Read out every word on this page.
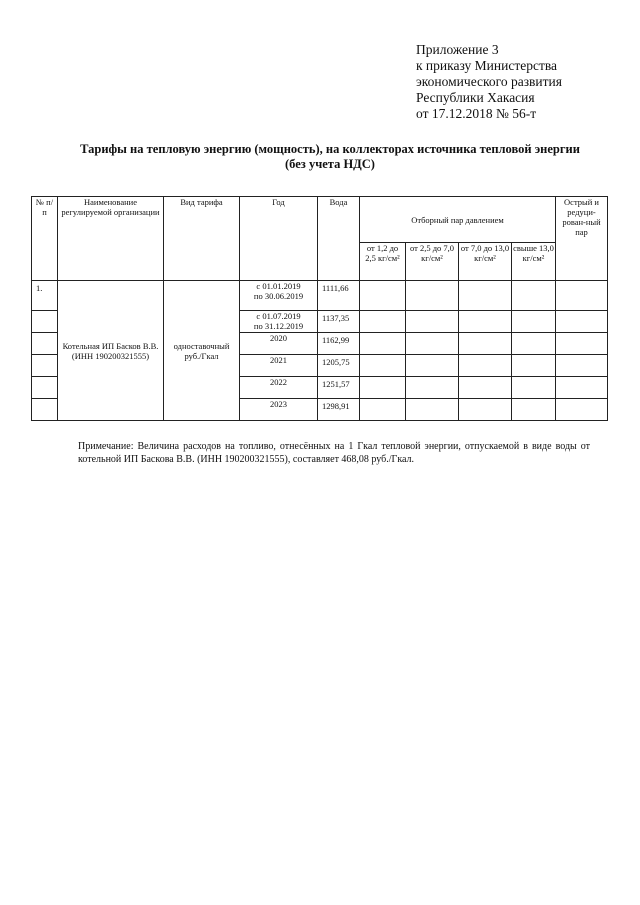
Приложение 3
к приказу Министерства
экономического развития
Республики Хакасия
от 17.12.2018 № 56-т
Тарифы на тепловую энергию (мощность), на коллекторах источника тепловой энергии
(без учета НДС)
№ п/ п	Наименование регулируемой организации	Вид тарифа	Год	Вода	Отборный пар давлением				Острый и редуци-рован-ный пар
					от 1,2 до 2,5 кг/см²	от 2,5 до 7,0 кг/см²	от 7,0 до 13,0 кг/см²	свыше 13,0 кг/см²	
1.	Котельная ИП Басков В.В. (ИНН 190200321555)	одноставочный руб./Гкал	с 01.01.2019
по 30.06.2019	1111,66					

			с 01.07.2019
по 31.12.2019	1137,35					
			2020	1162,99					
			2021	1205,75					
			2022	1251,57					
			2023	1298,91					
Примечание: Величина расходов на топливо, отнесённых на 1 Гкал тепловой энергии, отпускаемой в виде воды от котельной ИП Баскова В.В. (ИНН 190200321555), составляет 468,08 руб./Гкал.
